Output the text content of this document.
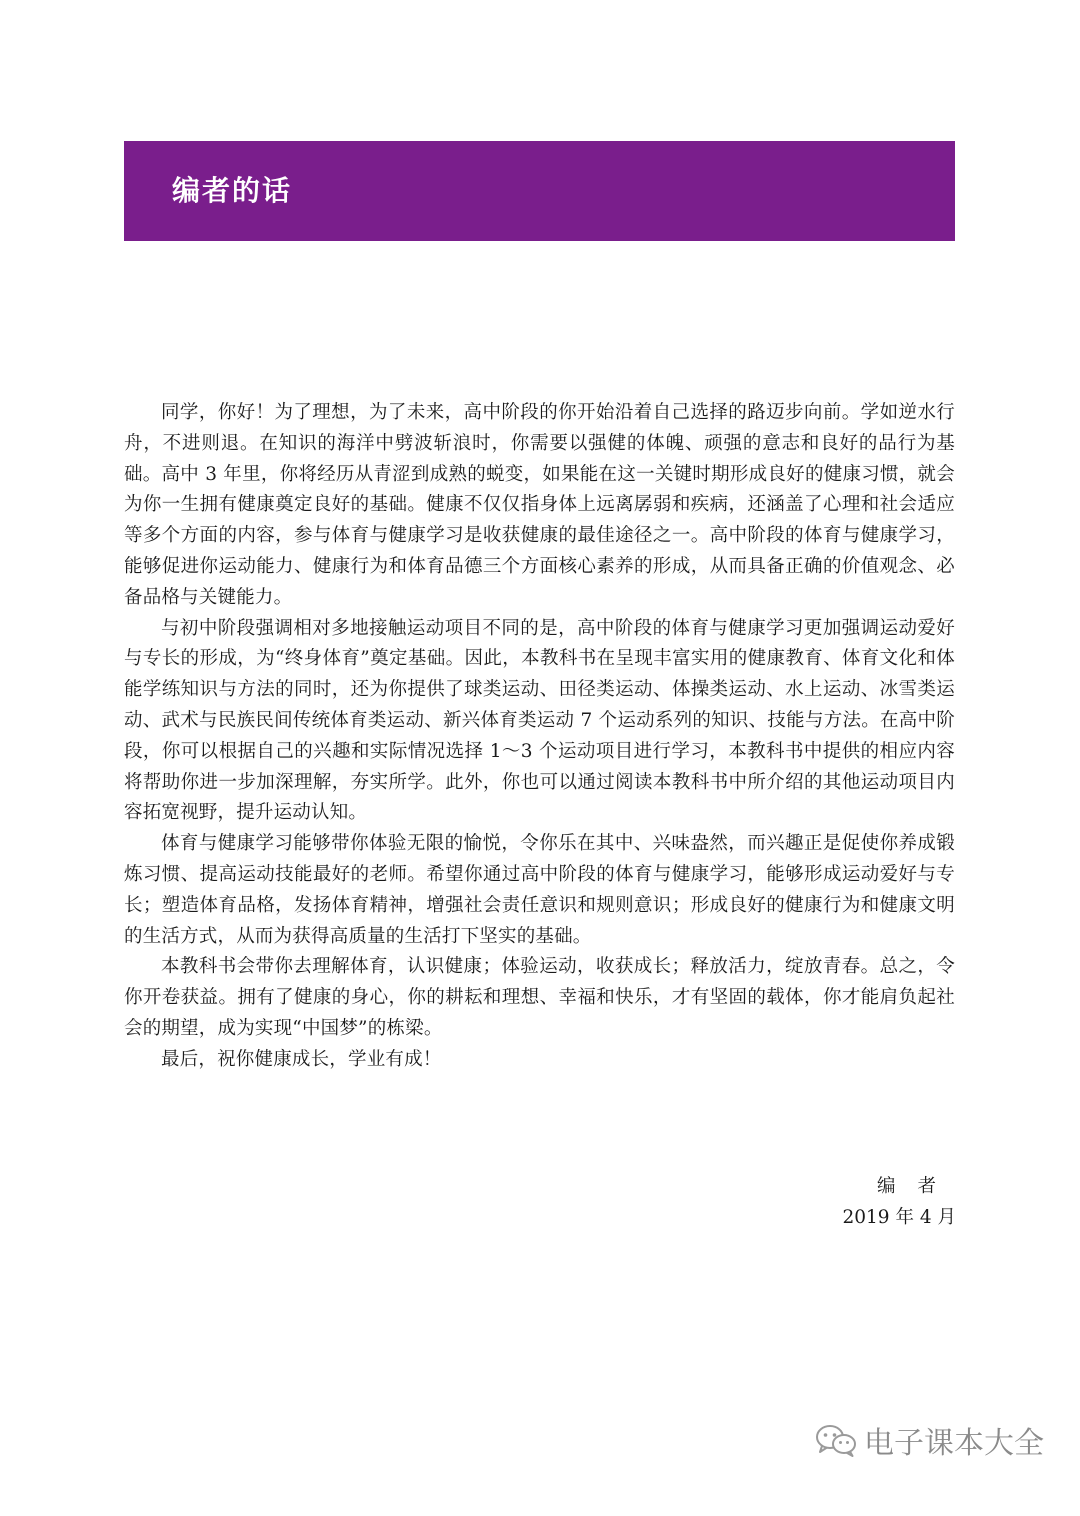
编者的话

同学，你好！为了理想，为了未来，高中阶段的你开始沿着自己选择的路迈步向前。学如逆水行舟，不进则退。在知识的海洋中劈波斩浪时，你需要以强健的体魄、顽强的意志和良好的品行为基础。高中 3 年里，你将经历从青涩到成熟的蜕变，如果能在这一关键时期形成良好的健康习惯，就会为你一生拥有健康奠定良好的基础。健康不仅仅指身体上远离孱弱和疾病，还涵盖了心理和社会适应等多个方面的内容，参与体育与健康学习是收获健康的最佳途径之一。高中阶段的体育与健康学习，能够促进你运动能力、健康行为和体育品德三个方面核心素养的形成，从而具备正确的价值观念、必备品格与关键能力。

与初中阶段强调相对多地接触运动项目不同的是，高中阶段的体育与健康学习更加强调运动爱好与专长的形成，为“终身体育”奠定基础。因此，本教科书在呈现丰富实用的健康教育、体育文化和体能学练知识与方法的同时，还为你提供了球类运动、田径类运动、体操类运动、水上运动、冰雪类运动、武术与民族民间传统体育类运动、新兴体育类运动 7 个运动系列的知识、技能与方法。在高中阶段，你可以根据自己的兴趣和实际情况选择 1～3 个运动项目进行学习，本教科书中提供的相应内容将帮助你进一步加深理解，夯实所学。此外，你也可以通过阅读本教科书中所介绍的其他运动项目内容拓宽视野，提升运动认知。

体育与健康学习能够带你体验无限的愉悦，令你乐在其中、兴味盎然，而兴趣正是促使你养成锻炼习惯、提高运动技能最好的老师。希望你通过高中阶段的体育与健康学习，能够形成运动爱好与专长；塑造体育品格，发扬体育精神，增强社会责任意识和规则意识；形成良好的健康行为和健康文明的生活方式，从而为获得高质量的生活打下坚实的基础。

本教科书会带你去理解体育，认识健康；体验运动，收获成长；释放活力，绽放青春。总之，令你开卷获益。拥有了健康的身心，你的耕耘和理想、幸福和快乐，才有坚固的载体，你才能肩负起社会的期望，成为实现“中国梦”的栋梁。

最后，祝你健康成长，学业有成！

编者
2019 年 4 月
电子课本大全
